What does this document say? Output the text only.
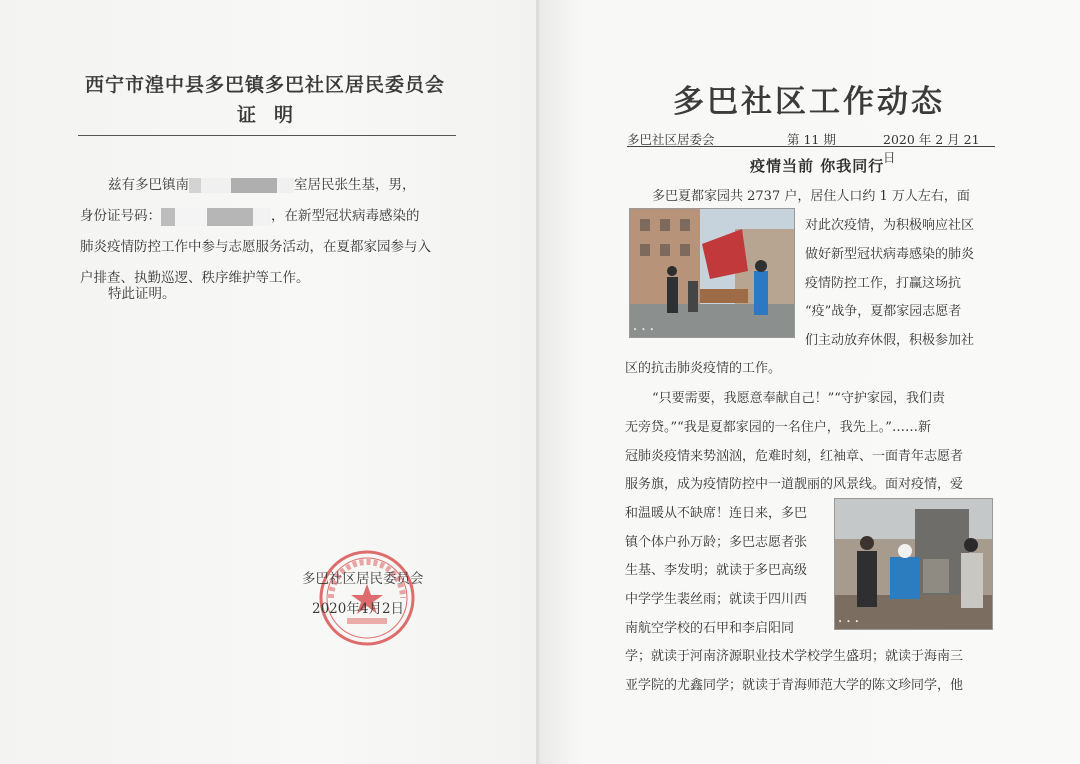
西宁市湟中县多巴镇多巴社区居民委员会
证明

兹有多巴镇南	室居民张生基，男，

身份证号码：	，在新型冠状病毒感染的
肺炎疫情防控工作中参与志愿服务活动，在夏都家园参与入
户排查、执勤巡逻、秩序维护等工作。
特此证明。
多巴社区居民委员会
2020年4月2日
多巴社区工作动态
多巴社区居委会	第 11 期	2020 年 2 月 21 日

疫情当前 你我同行
多巴夏都家园共 2737 户，居住人口约 1 万人左右，面
对此次疫情，为积极响应社区
做好新型冠状病毒感染的肺炎
疫情防控工作，打赢这场抗
“疫”战争，夏都家园志愿者
们主动放弃休假，积极参加社
区的抗击肺炎疫情的工作。
“只要需要，我愿意奉献自己！”“守护家园，我们责
无旁贷。”“我是夏都家园的一名住户，我先上。”……新
冠肺炎疫情来势汹汹，危难时刻，红袖章、一面青年志愿者
服务旗，成为疫情防控中一道靓丽的风景线。面对疫情，爱
和温暖从不缺席！连日来，多巴
镇个体户孙万龄；多巴志愿者张
生基、李发明；就读于多巴高级
中学学生裴丝雨；就读于四川西
南航空学校的石甲和李启阳同
学；就读于河南济源职业技术学校学生盛玥；就读于海南三
亚学院的尤鑫同学；就读于青海师范大学的陈文珍同学，他
• • •
• • •
